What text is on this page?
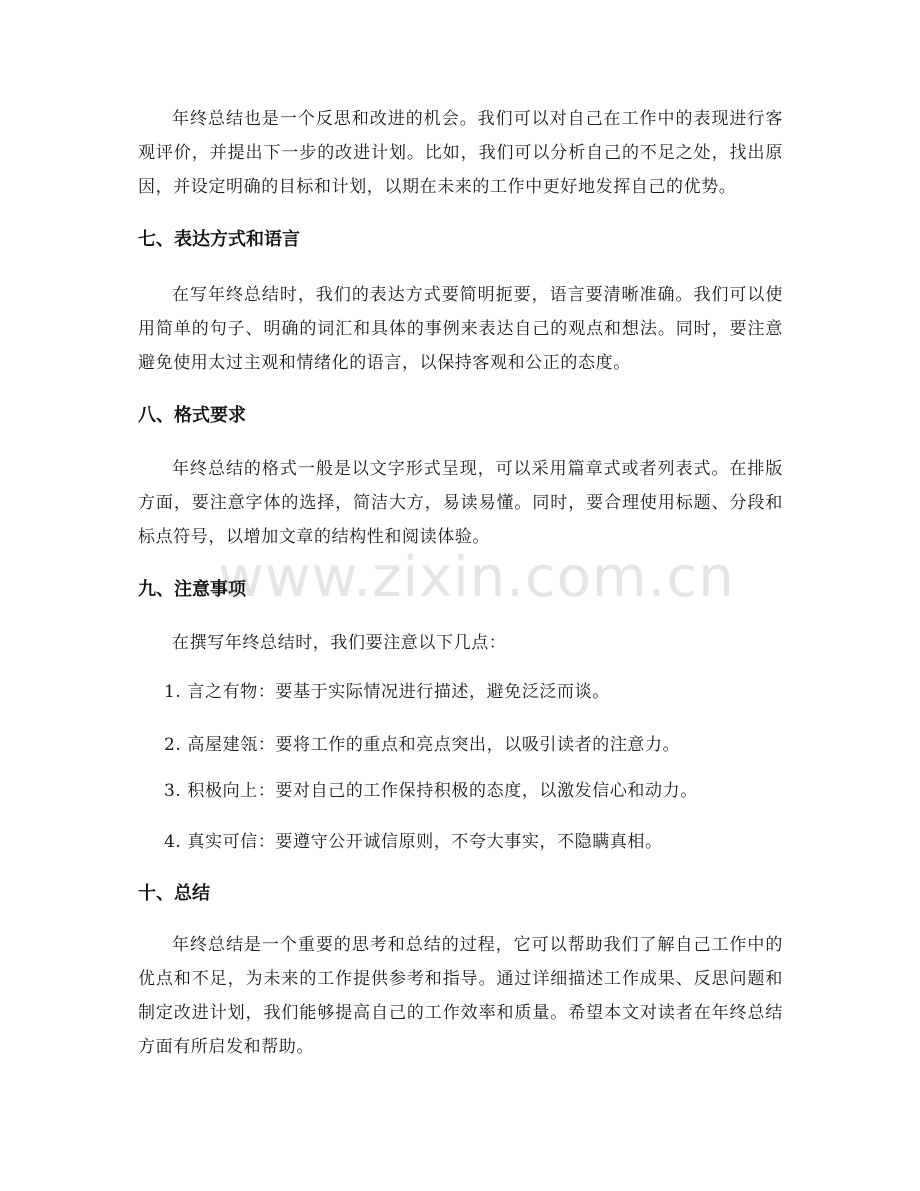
年终总结也是一个反思和改进的机会。我们可以对自己在工作中的表现进行客观评价，并提出下一步的改进计划。比如，我们可以分析自己的不足之处，找出原因，并设定明确的目标和计划，以期在未来的工作中更好地发挥自己的优势。

七、表达方式和语言

在写年终总结时，我们的表达方式要简明扼要，语言要清晰准确。我们可以使用简单的句子、明确的词汇和具体的事例来表达自己的观点和想法。同时，要注意避免使用太过主观和情绪化的语言，以保持客观和公正的态度。

八、格式要求

年终总结的格式一般是以文字形式呈现，可以采用篇章式或者列表式。在排版方面，要注意字体的选择，简洁大方，易读易懂。同时，要合理使用标题、分段和标点符号，以增加文章的结构性和阅读体验。

九、注意事项

在撰写年终总结时，我们要注意以下几点：

1. 言之有物：要基于实际情况进行描述，避免泛泛而谈。

2. 高屋建瓴：要将工作的重点和亮点突出，以吸引读者的注意力。

3. 积极向上：要对自己的工作保持积极的态度，以激发信心和动力。

4. 真实可信：要遵守公开诚信原则，不夸大事实，不隐瞒真相。

十、总结

年终总结是一个重要的思考和总结的过程，它可以帮助我们了解自己工作中的优点和不足，为未来的工作提供参考和指导。通过详细描述工作成果、反思问题和制定改进计划，我们能够提高自己的工作效率和质量。希望本文对读者在年终总结方面有所启发和帮助。

www.zixin.com.cn
